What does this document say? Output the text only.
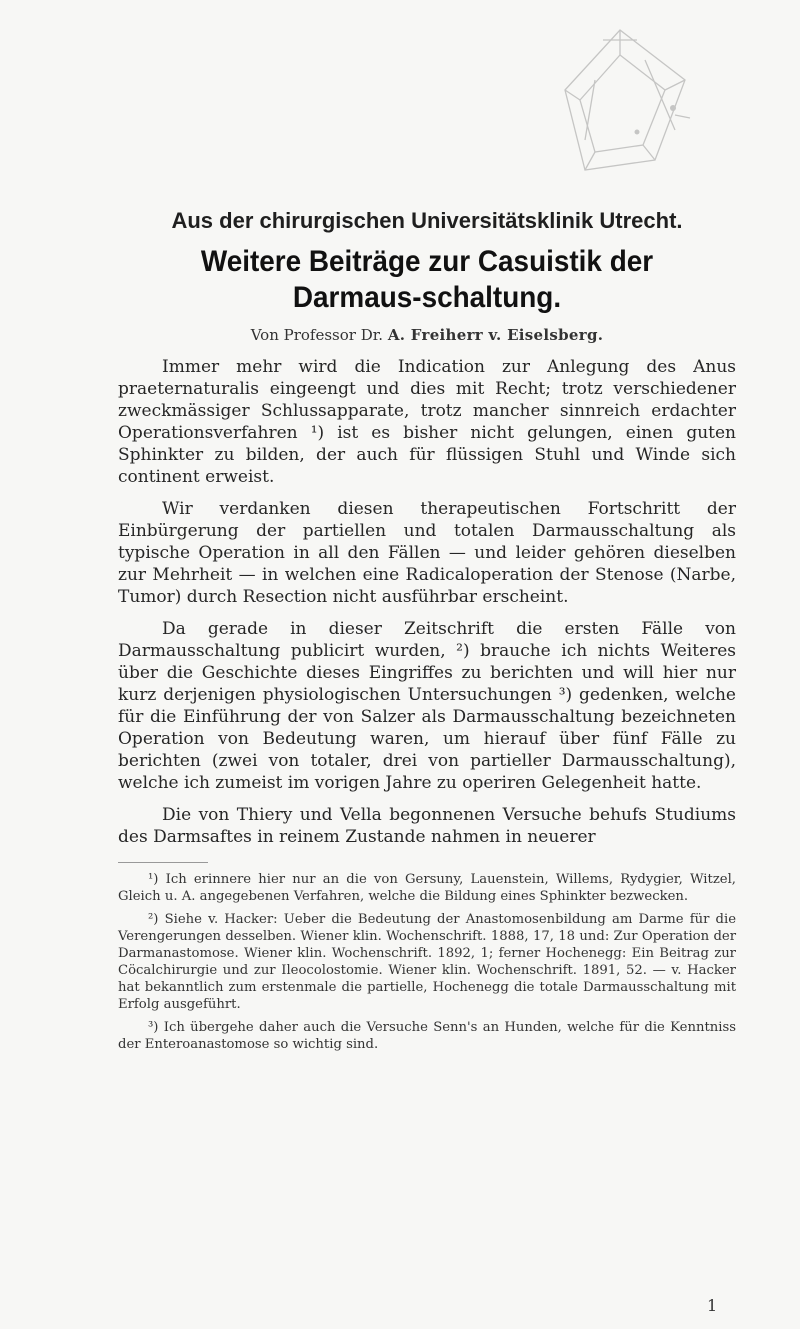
Aus der chirurgischen Universitätsklinik Utrecht.

Weitere Beiträge zur Casuistik der Darmaus-schaltung.

Von Professor Dr. A. Freiherr v. Eiselsberg.

Immer mehr wird die Indication zur Anlegung des Anus praeternaturalis eingeengt und dies mit Recht; trotz verschiedener zweckmässiger Schlussapparate, trotz mancher sinnreich erdachter Operationsverfahren ¹) ist es bisher nicht gelungen, einen guten Sphinkter zu bilden, der auch für flüssigen Stuhl und Winde sich continent erweist.

Wir verdanken diesen therapeutischen Fortschritt der Einbürgerung der partiellen und totalen Darmausschaltung als typische Operation in all den Fällen — und leider gehören dieselben zur Mehrheit — in welchen eine Radicaloperation der Stenose (Narbe, Tumor) durch Resection nicht ausführbar erscheint.

Da gerade in dieser Zeitschrift die ersten Fälle von Darmausschaltung publicirt wurden, ²) brauche ich nichts Weiteres über die Geschichte dieses Eingriffes zu berichten und will hier nur kurz derjenigen physiologischen Untersuchungen ³) gedenken, welche für die Einführung der von Salzer als Darmausschaltung bezeichneten Operation von Bedeutung waren, um hierauf über fünf Fälle zu berichten (zwei von totaler, drei von partieller Darmausschaltung), welche ich zumeist im vorigen Jahre zu operiren Gelegenheit hatte.

Die von Thiery und Vella begonnenen Versuche behufs Studiums des Darmsaftes in reinem Zustande nahmen in neuerer

¹) Ich erinnere hier nur an die von Gersuny, Lauenstein, Willems, Rydygier, Witzel, Gleich u. A. angegebenen Verfahren, welche die Bildung eines Sphinkter bezwecken.

²) Siehe v. Hacker: Ueber die Bedeutung der Anastomosenbildung am Darme für die Verengerungen desselben. Wiener klin. Wochenschrift. 1888, 17, 18 und: Zur Operation der Darmanastomose. Wiener klin. Wochenschrift. 1892, 1; ferner Hochenegg: Ein Beitrag zur Cöcalchirurgie und zur Ileocolostomie. Wiener klin. Wochenschrift. 1891, 52. — v. Hacker hat bekanntlich zum erstenmale die partielle, Hochenegg die totale Darmausschaltung mit Erfolg ausgeführt.

³) Ich übergehe daher auch die Versuche Senn's an Hunden, welche für die Kenntniss der Enteroanastomose so wichtig sind.

1
